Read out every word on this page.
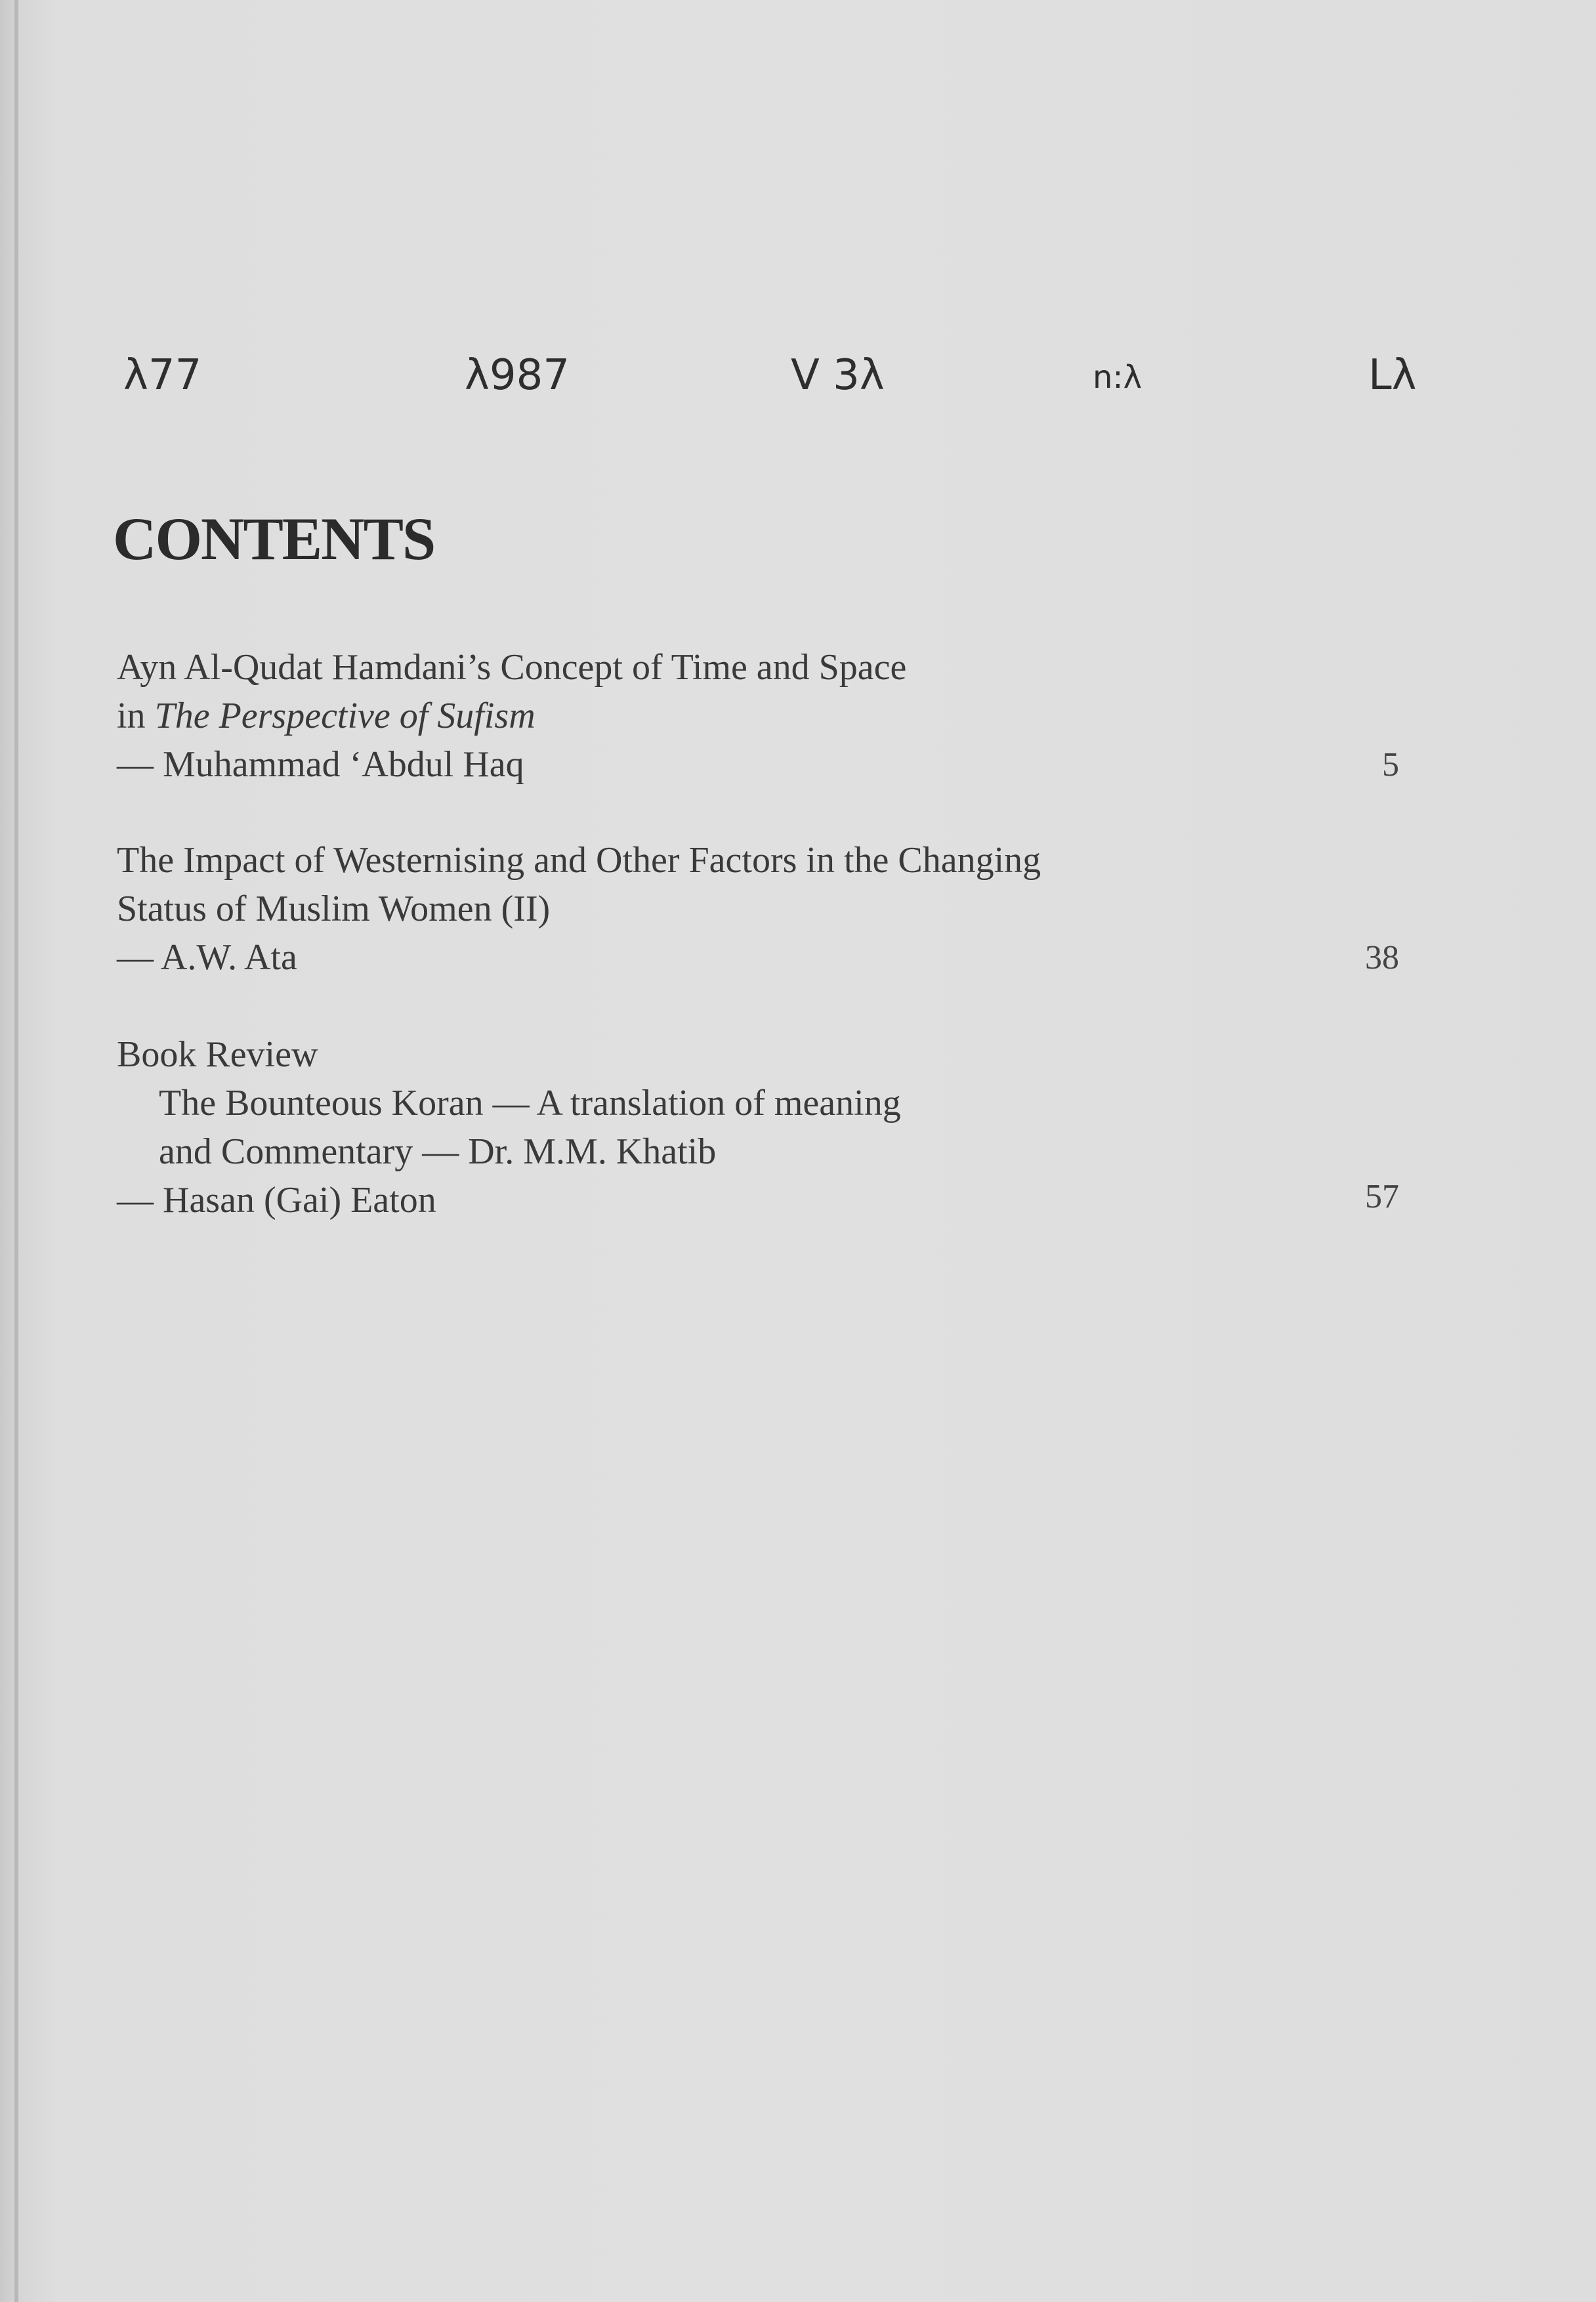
λ77	λ987	V 3λ	n:λ	Lλ
CONTENTS
Ayn Al-Qudat Hamdani’s Concept of Time and Space
in The Perspective of Sufism
— Muhammad ‘Abdul Haq	5
The Impact of Westernising and Other Factors in the Changing
Status of Muslim Women (II)
— A.W. Ata	38
Book Review
The Bounteous Koran — A translation of meaning
and Commentary — Dr. M.M. Khatib
— Hasan (Gai) Eaton	57
